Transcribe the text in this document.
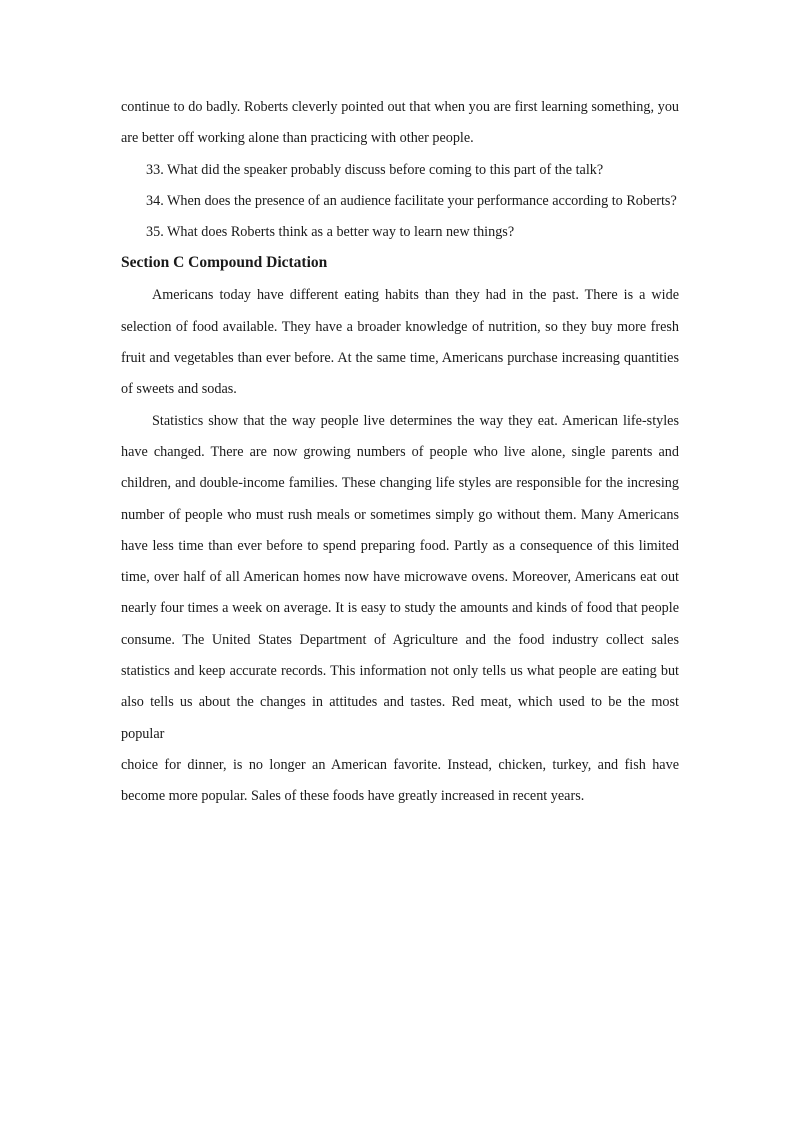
continue to do badly. Roberts cleverly pointed out that when you are first learning something, you

are better off working alone than practicing with other people.

33. What did the speaker probably discuss before coming to this part of the talk?

34. When does the presence of an audience facilitate your performance according to Roberts?

35. What does Roberts think as a better way to learn new things?

Section C Compound Dictation

Americans today have different eating habits than they had in the past. There is a wide

selection of food available. They have a broader knowledge of nutrition, so they buy more fresh

fruit and vegetables than ever before. At the same time, Americans purchase increasing quantities

of sweets and sodas.

Statistics show that the way people live determines the way they eat. American life-styles

have changed. There are now growing numbers of people who live alone, single parents and

children, and double-income families. These changing life styles are responsible for the incresing

number of people who must rush meals or sometimes simply go without them. Many Americans

have less time than ever before to spend preparing food. Partly as a consequence of this limited

time, over half of all American homes now have microwave ovens. Moreover, Americans eat out

nearly four times a week on average. It is easy to study the amounts and kinds of food that people

consume. The United States Department of Agriculture and the food industry collect sales

statistics and keep accurate records. This information not only tells us what people are eating but

also tells us about the changes in attitudes and tastes. Red meat, which used to be the most popular

choice for dinner, is no longer an American favorite. Instead, chicken, turkey, and fish have

become more popular. Sales of these foods have greatly increased in recent years.
